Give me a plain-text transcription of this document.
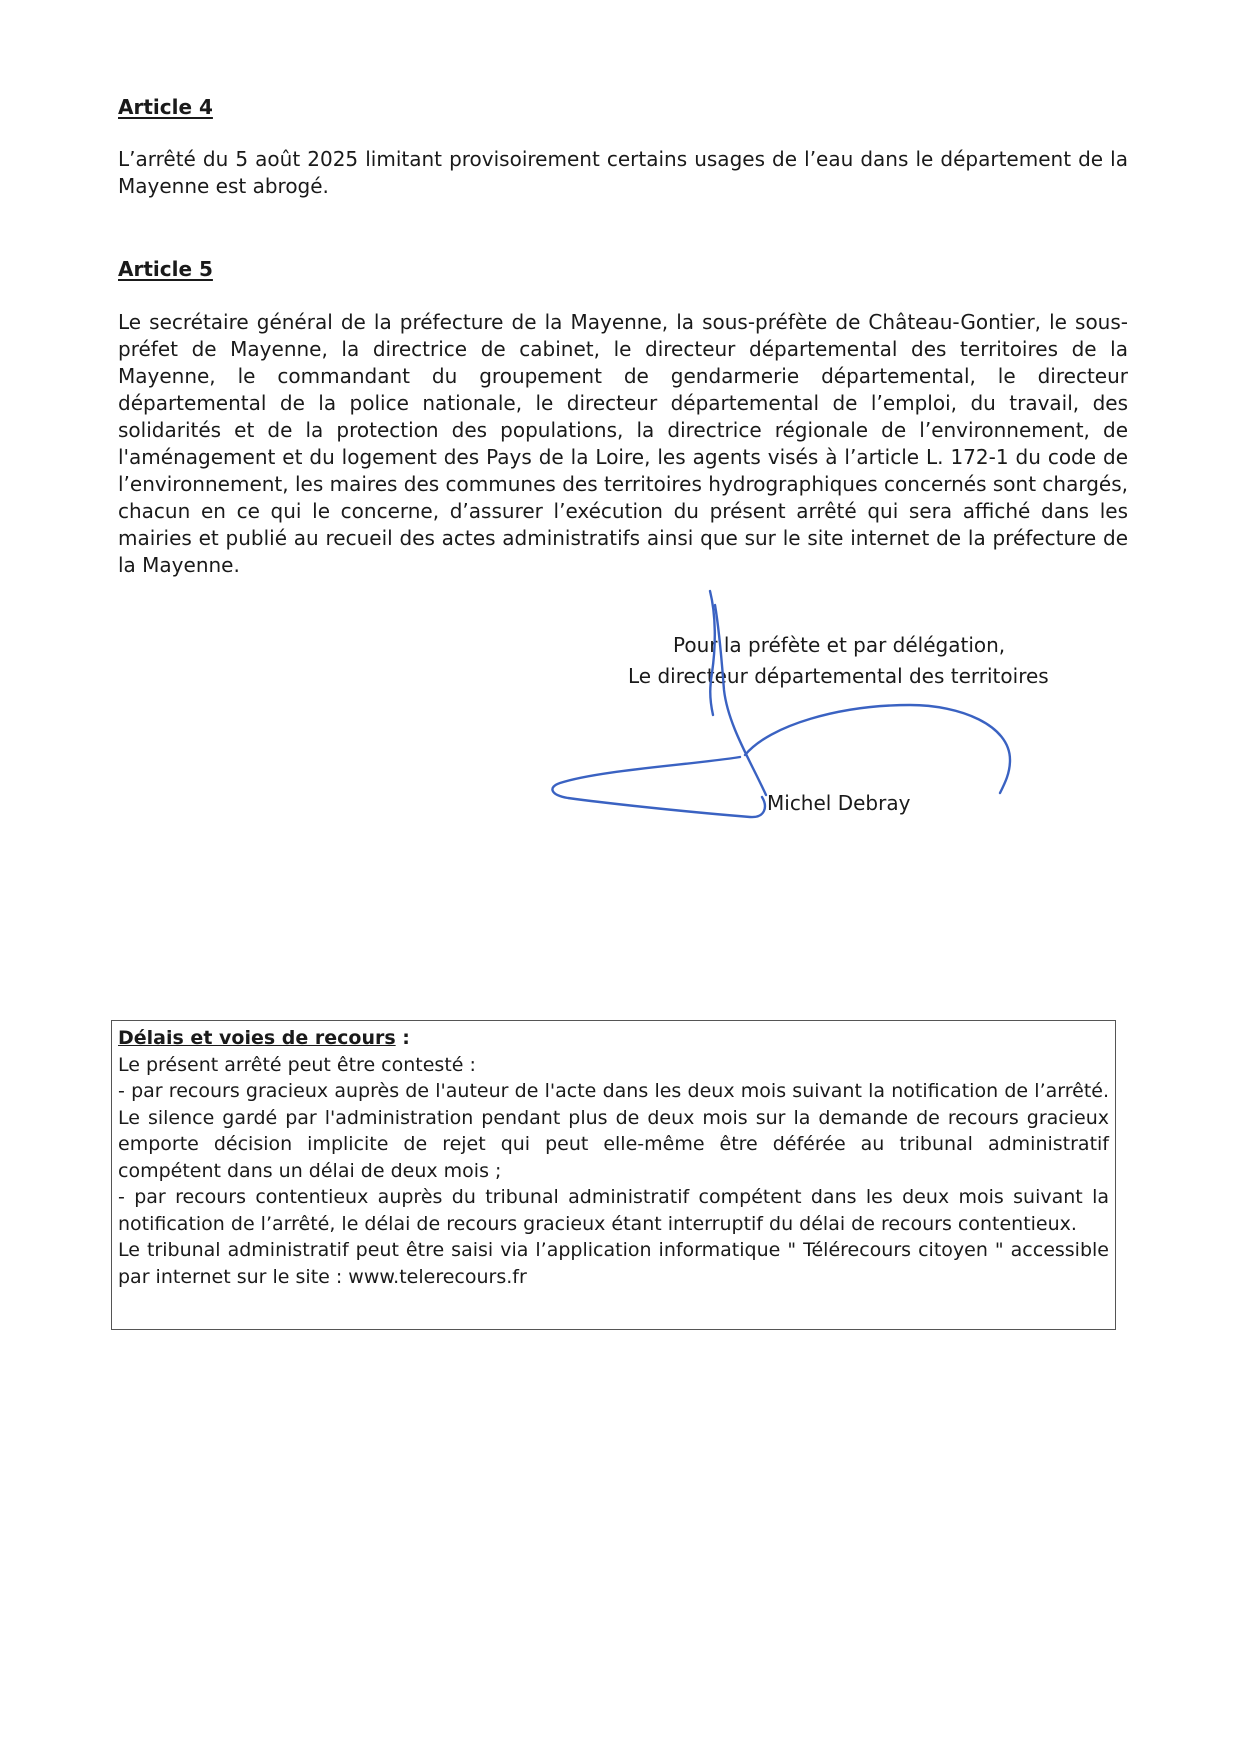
Article 4

L’arrêté du 5 août 2025 limitant provisoirement certains usages de l’eau dans le département de la Mayenne est abrogé.

Article 5

Le secrétaire général de la préfecture de la Mayenne, la sous-préfète de Château-Gontier, le sous-préfet de Mayenne, la directrice de cabinet, le directeur départemental des territoires de la Mayenne, le commandant du groupement de gendarmerie départemental, le directeur départemental de la police nationale, le directeur départemental de l’emploi, du travail, des solidarités et de la protection des populations, la directrice régionale de l’environnement, de l'aménagement et du logement des Pays de la Loire, les agents visés à l’article L. 172-1 du code de l’environnement, les maires des communes des territoires hydrographiques concernés sont chargés, chacun en ce qui le concerne, d’assurer l’exécution du présent arrêté qui sera affiché dans les mairies et publié au recueil des actes administratifs ainsi que sur le site internet de la préfecture de la Mayenne.

Pour la préfète et par délégation,

Le directeur départemental des territoires

Michel Debray

Délais et voies de recours :

Le présent arrêté peut être contesté :

- par recours gracieux auprès de l'auteur de l'acte dans les deux mois suivant la notification de l’arrêté. Le silence gardé par l'administration pendant plus de deux mois sur la demande de recours gracieux emporte décision implicite de rejet qui peut elle-même être déférée au tribunal administratif compétent dans un délai de deux mois ;

- par recours contentieux auprès du tribunal administratif compétent dans les deux mois suivant la notification de l’arrêté, le délai de recours gracieux étant interruptif du délai de recours contentieux.

Le tribunal administratif peut être saisi via l’application informatique " Télérecours citoyen " accessible par internet sur le site : www.telerecours.fr
